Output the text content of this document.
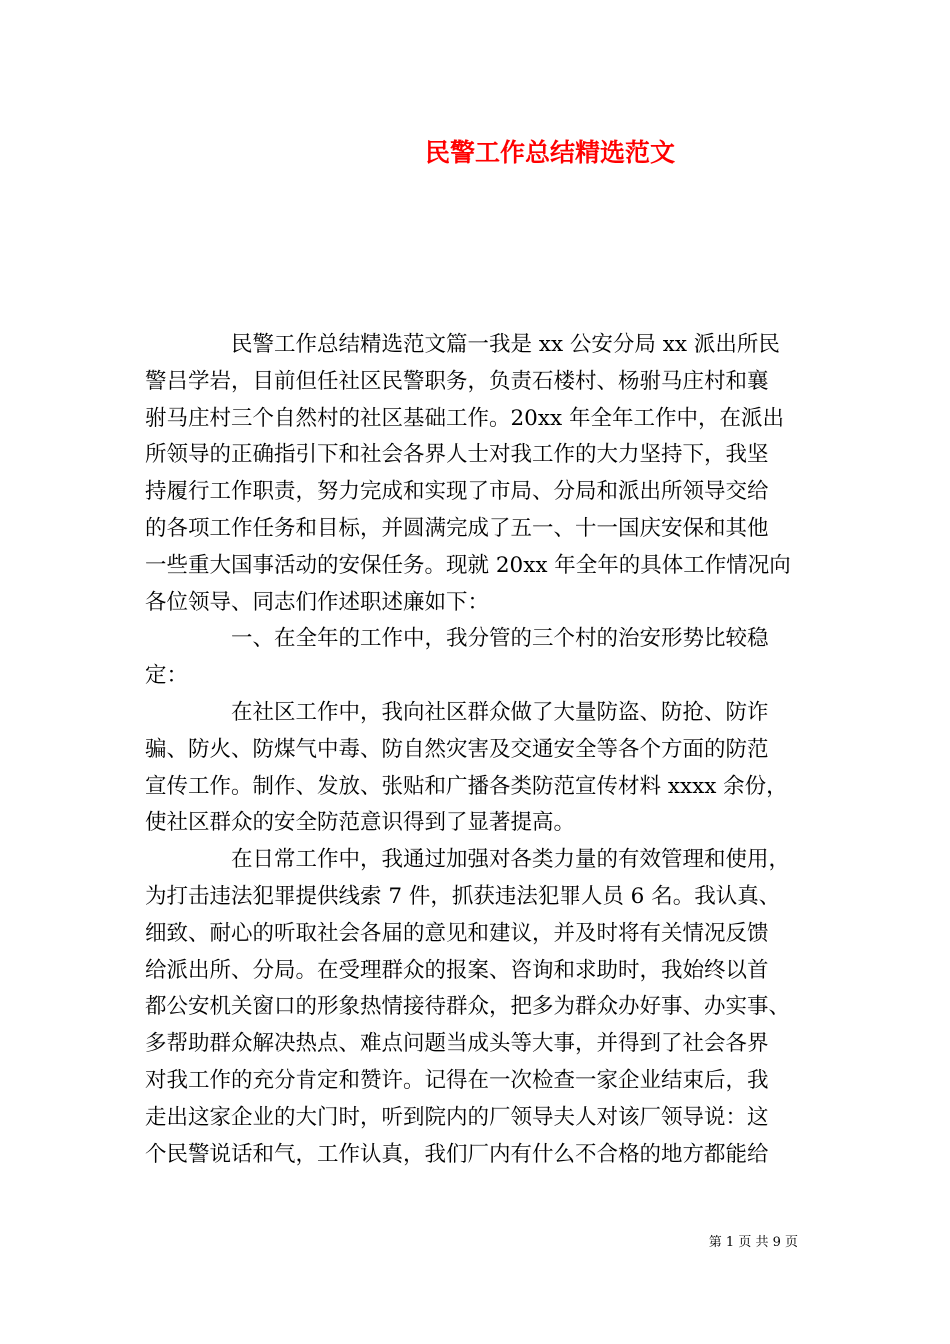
民警工作总结精选范文
　　　　民警工作总结精选范文篇一我是 xx 公安分局 xx 派出所民
警吕学岩，目前但任社区民警职务，负责石楼村、杨驸马庄村和襄
驸马庄村三个自然村的社区基础工作。20xx 年全年工作中，在派出
所领导的正确指引下和社会各界人士对我工作的大力坚持下，我坚
持履行工作职责，努力完成和实现了市局、分局和派出所领导交给
的各项工作任务和目标，并圆满完成了五一、十一国庆安保和其他
一些重大国事活动的安保任务。现就 20xx 年全年的具体工作情况向
各位领导、同志们作述职述廉如下：
　　　　一、在全年的工作中，我分管的三个村的治安形势比较稳
定：
　　　　在社区工作中，我向社区群众做了大量防盗、防抢、防诈
骗、防火、防煤气中毒、防自然灾害及交通安全等各个方面的防范
宣传工作。制作、发放、张贴和广播各类防范宣传材料 xxxx 余份，
使社区群众的安全防范意识得到了显著提高。
　　　　在日常工作中，我通过加强对各类力量的有效管理和使用，
为打击违法犯罪提供线索 7 件，抓获违法犯罪人员 6 名。我认真、
细致、耐心的听取社会各届的意见和建议，并及时将有关情况反馈
给派出所、分局。在受理群众的报案、咨询和求助时，我始终以首
都公安机关窗口的形象热情接待群众，把多为群众办好事、办实事、
多帮助群众解决热点、难点问题当成头等大事，并得到了社会各界
对我工作的充分肯定和赞许。记得在一次检查一家企业结束后，我
走出这家企业的大门时，听到院内的厂领导夫人对该厂领导说：这
个民警说话和气，工作认真，我们厂内有什么不合格的地方都能给
第 1 页 共 9 页
